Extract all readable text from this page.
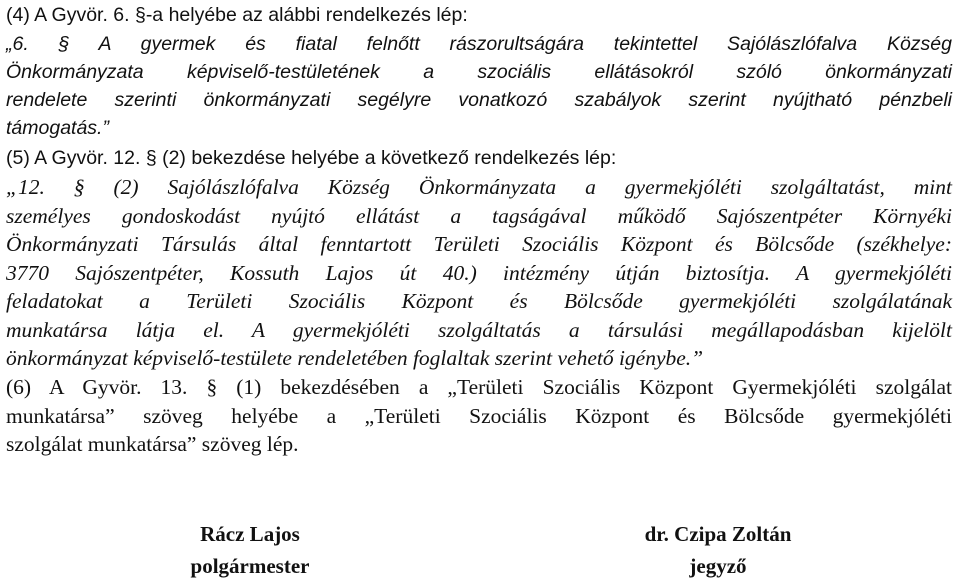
(4) A Gyvör. 6. §-a helyébe az alábbi rendelkezés lép:
„6. § A gyermek és fiatal felnőtt rászorultságára tekintettel Sajólászlófalva Község
Önkormányzata képviselő-testületének a szociális ellátásokról szóló önkormányzati
rendelete szerinti önkormányzati segélyre vonatkozó szabályok szerint nyújtható pénzbeli
támogatás.”
(5) A Gyvör. 12. § (2) bekezdése helyébe a következő rendelkezés lép:
„12. § (2) Sajólászlófalva Község Önkormányzata a gyermekjóléti szolgáltatást, mint
személyes gondoskodást nyújtó ellátást a tagságával működő Sajószentpéter Környéki
Önkormányzati Társulás által fenntartott Területi Szociális Központ és Bölcsőde (székhelye:
3770 Sajószentpéter, Kossuth Lajos út 40.) intézmény útján biztosítja. A gyermekjóléti
feladatokat a Területi Szociális Központ és Bölcsőde gyermekjóléti szolgálatának
munkatársa látja el. A gyermekjóléti szolgáltatás a társulási megállapodásban kijelölt
önkormányzat képviselő-testülete rendeletében foglaltak szerint vehető igénybe.”
(6) A Gyvör. 13. § (1) bekezdésében a „Területi Szociális Központ Gyermekjóléti szolgálat
munkatársa” szöveg helyébe a „Területi Szociális Központ és Bölcsőde gyermekjóléti
szolgálat munkatársa” szöveg lép.
Rácz Lajos
polgármester
dr. Czipa Zoltán
jegyző
